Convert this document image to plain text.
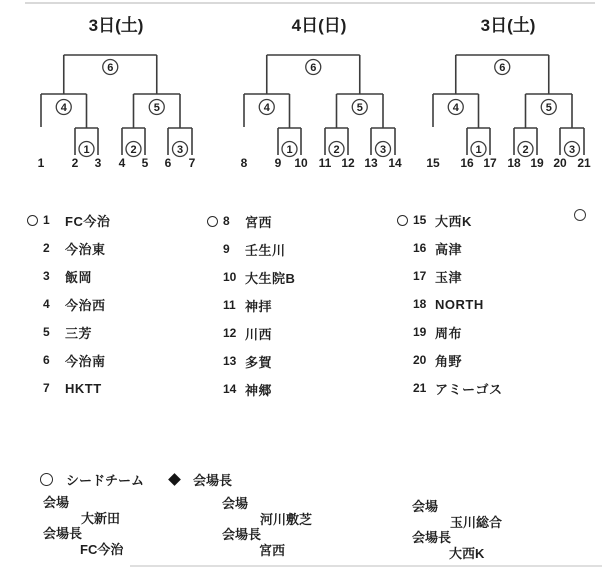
3日(土)
1	2	3
4	5
6
1 2 3 4 5 6 7
4日(日)
1	2	3
4	5
6
8 9 10 11 12 13 14
3日(土)
1	2	3
4	5
6
15 16 17 18 19 20 21
1	FC今治
2	今治東
3	飯岡
4	今治西
5	三芳
6	今治南
7	HKTT
8	宮西
9	壬生川
10 大生院B
11 神拝
12 川西
13 多賀
14 神郷
15 大西K
16 高津
17 玉津
18 NORTH
19 周布
20 角野
21 アミーゴス
シードチーム	会場長
会場
大新田
会場長
FC今治
会場
河川敷芝
会場長
宮西
会場
玉川総合
会場長
大西K
